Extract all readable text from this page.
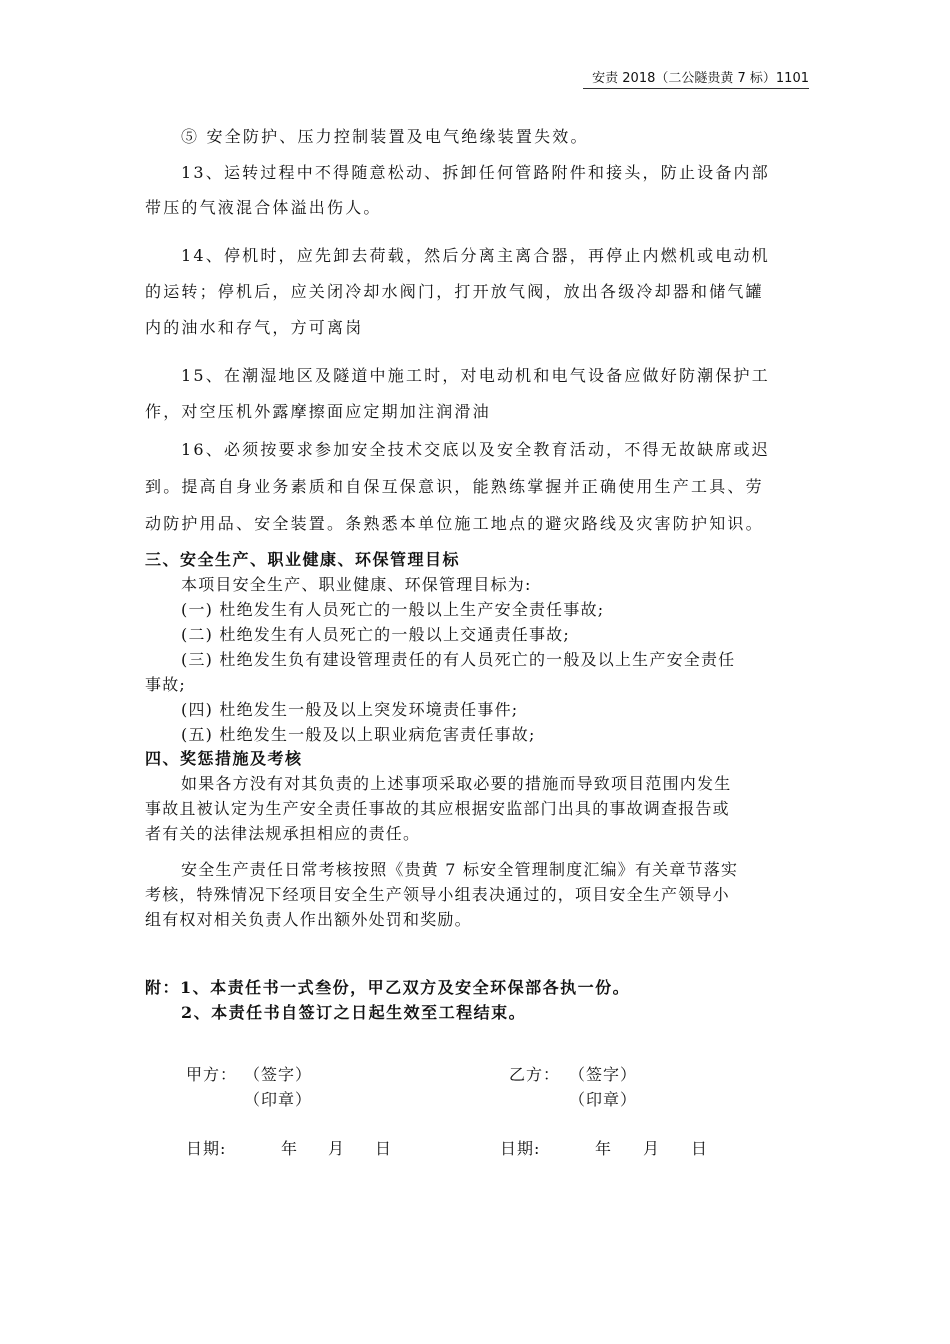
安责 2018（二公隧贵黄 7 标）1101
⑤ 安全防护、压力控制装置及电气绝缘装置失效。
13、运转过程中不得随意松动、拆卸任何管路附件和接头，防止设备内部
带压的气液混合体溢出伤人。
14、停机时，应先卸去荷载，然后分离主离合器，再停止内燃机或电动机
的运转；停机后，应关闭冷却水阀门，打开放气阀，放出各级冷却器和储气罐
内的油水和存气，方可离岗
15、在潮湿地区及隧道中施工时，对电动机和电气设备应做好防潮保护工
作，对空压机外露摩擦面应定期加注润滑油
16、必须按要求参加安全技术交底以及安全教育活动，不得无故缺席或迟
到。提高自身业务素质和自保互保意识，能熟练掌握并正确使用生产工具、劳
动防护用品、安全装置。条熟悉本单位施工地点的避灾路线及灾害防护知识。
三、安全生产、职业健康、环保管理目标
本项目安全生产、职业健康、环保管理目标为:
(一) 杜绝发生有人员死亡的一般以上生产安全责任事故;
(二) 杜绝发生有人员死亡的一般以上交通责任事故;
(三) 杜绝发生负有建设管理责任的有人员死亡的一般及以上生产安全责任
事故;
(四) 杜绝发生一般及以上突发环境责任事件;
(五) 杜绝发生一般及以上职业病危害责任事故;
四、奖惩措施及考核
如果各方没有对其负责的上述事项采取必要的措施而导致项目范围内发生
事故且被认定为生产安全责任事故的其应根据安监部门出具的事故调查报告或
者有关的法律法规承担相应的责任。
安全生产责任日常考核按照《贵黄 7 标安全管理制度汇编》有关章节落实
考核，特殊情况下经项目安全生产领导小组表决通过的，项目安全生产领导小
组有权对相关负责人作出额外处罚和奖励。
附：1、本责任书一式叁份，甲乙双方及安全环保部各执一份。
2、本责任书自签订之日起生效至工程结束。
甲方： （签字）
（印章）
乙方： （签字）
（印章）
日期:	年 月 日	日期:	年 月 日
